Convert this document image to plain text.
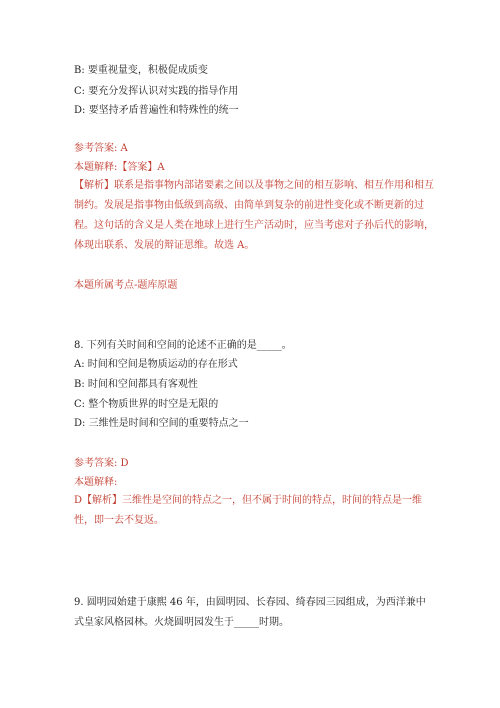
B: 要重视量变，积极促成质变
C: 要充分发挥认识对实践的指导作用
D: 要坚持矛盾普遍性和特殊性的统一
参考答案: A
本题解释:【答案】A
【解析】联系是指事物内部诸要素之间以及事物之间的相互影响、相互作用和相互制约。发展是指事物由低级到高级、由简单到复杂的前进性变化或不断更新的过程。这句话的含义是人类在地球上进行生产活动时，应当考虑对子孙后代的影响，体现出联系、发展的辩证思维。故选 A。
本题所属考点-题库原题
8. 下列有关时间和空间的论述不正确的是_____。
A: 时间和空间是物质运动的存在形式
B: 时间和空间都具有客观性
C: 整个物质世界的时空是无限的
D: 三维性是时间和空间的重要特点之一
参考答案: D
本题解释:
D【解析】三维性是空间的特点之一，但不属于时间的特点，时间的特点是一维性，即一去不复返。
9. 圆明园始建于康熙 46 年，由圆明园、长春园、绮春园三园组成，为西洋兼中式皇家风格园林。火烧圆明园发生于_____时期。
